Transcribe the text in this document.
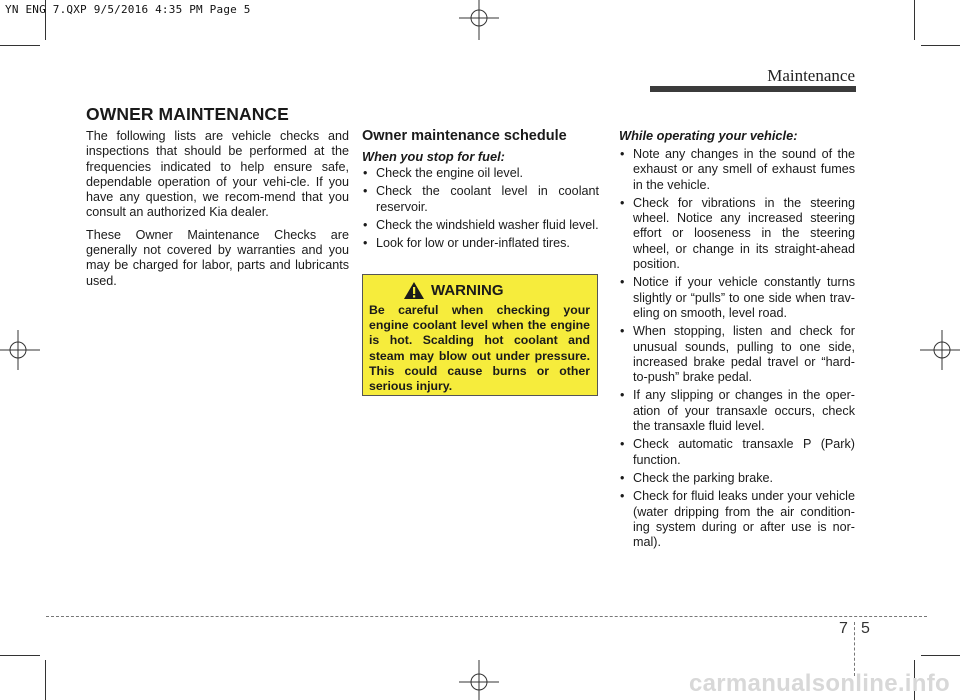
YN ENG 7.QXP 9/5/2016 4:35 PM Page 5
Maintenance
OWNER MAINTENANCE

The following lists are vehicle checks and inspections that should be performed at the frequencies indicated to help ensure safe, dependable operation of your vehi-cle. If you have any question, we recom-mend that you consult an authorized Kia dealer.

These Owner Maintenance Checks are generally not covered by warranties and you may be charged for labor, parts and lubricants used.

Owner maintenance schedule
When you stop for fuel:
• Check the engine oil level.
• Check the coolant level in coolant reservoir.
• Check the windshield washer fluid level.
• Look for low or under-inflated tires.
WARNING
Be careful when checking your engine coolant level when the engine is hot. Scalding hot coolant and steam may blow out under pressure. This could cause burns or other serious injury.
While operating your vehicle:
• Note any changes in the sound of the exhaust or any smell of exhaust fumes in the vehicle.
• Check for vibrations in the steering wheel. Notice any increased steering effort or looseness in the steering wheel, or change in its straight-ahead position.
• Notice if your vehicle constantly turns slightly or “pulls” to one side when trav-eling on smooth, level road.
• When stopping, listen and check for unusual sounds, pulling to one side, increased brake pedal travel or “hard-to-push” brake pedal.
• If any slipping or changes in the oper-ation of your transaxle occurs, check the transaxle fluid level.
• Check automatic transaxle P (Park) function.
• Check the parking brake.
• Check for fluid leaks under your vehicle (water dripping from the air condition-ing system during or after use is nor-mal).
7 5
carmanualsonline.info
